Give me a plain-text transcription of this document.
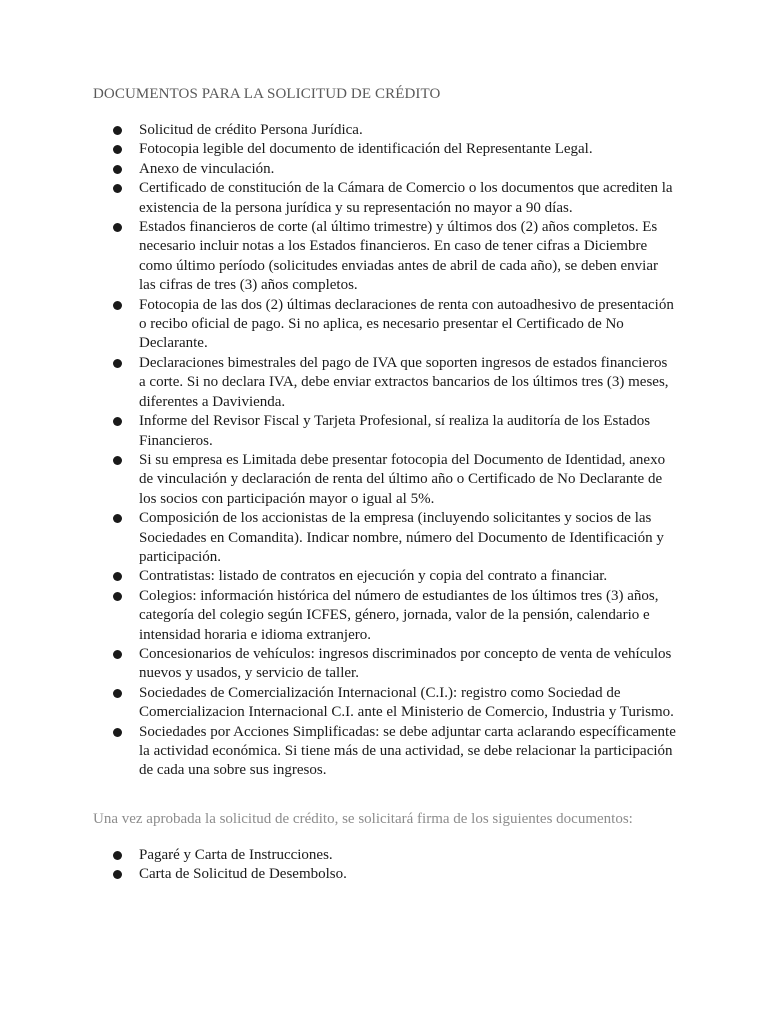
DOCUMENTOS PARA LA SOLICITUD DE CRÉDITO
Solicitud de crédito Persona Jurídica.
Fotocopia legible del documento de identificación del Representante Legal.
Anexo de vinculación.
Certificado de constitución de la Cámara de Comercio o los documentos que acrediten la existencia de la persona jurídica y su representación no mayor a 90 días.
Estados financieros de corte (al último trimestre) y últimos dos (2) años completos. Es necesario incluir notas a los Estados financieros. En caso de tener cifras a Diciembre como último período (solicitudes enviadas antes de abril de cada año), se deben enviar las cifras de tres (3) años completos.
Fotocopia de las dos (2) últimas declaraciones de renta con autoadhesivo de presentación o recibo oficial de pago. Si no aplica, es necesario presentar el Certificado de No Declarante.
Declaraciones bimestrales del pago de IVA que soporten ingresos de estados financieros a corte. Si no declara IVA, debe enviar extractos bancarios de los últimos tres (3) meses, diferentes a Davivienda.
Informe del Revisor Fiscal y Tarjeta Profesional, sí realiza la auditoría de los Estados Financieros.
Si su empresa es Limitada debe presentar fotocopia del Documento de Identidad, anexo de vinculación y declaración de renta del último año o Certificado de No Declarante de los socios con participación mayor o igual al 5%.
Composición de los accionistas de la empresa (incluyendo solicitantes y socios de las Sociedades en Comandita). Indicar nombre, número del Documento de Identificación y participación.
Contratistas: listado de contratos en ejecución y copia del contrato a financiar.
Colegios: información histórica del número de estudiantes de los últimos tres (3) años, categoría del colegio según ICFES, género, jornada, valor de la pensión, calendario e intensidad horaria e idioma extranjero.
Concesionarios de vehículos: ingresos discriminados por concepto de venta de vehículos nuevos y usados, y servicio de taller.
Sociedades de Comercialización Internacional (C.I.): registro como Sociedad de Comercializacion Internacional C.I. ante el Ministerio de Comercio, Industria y Turismo.
Sociedades por Acciones Simplificadas: se debe adjuntar carta aclarando específicamente la actividad económica. Si tiene más de una actividad, se debe relacionar la participación de cada una sobre sus ingresos.
Una vez aprobada la solicitud de crédito, se solicitará firma de los siguientes documentos:
Pagaré y Carta de Instrucciones.
Carta de Solicitud de Desembolso.
